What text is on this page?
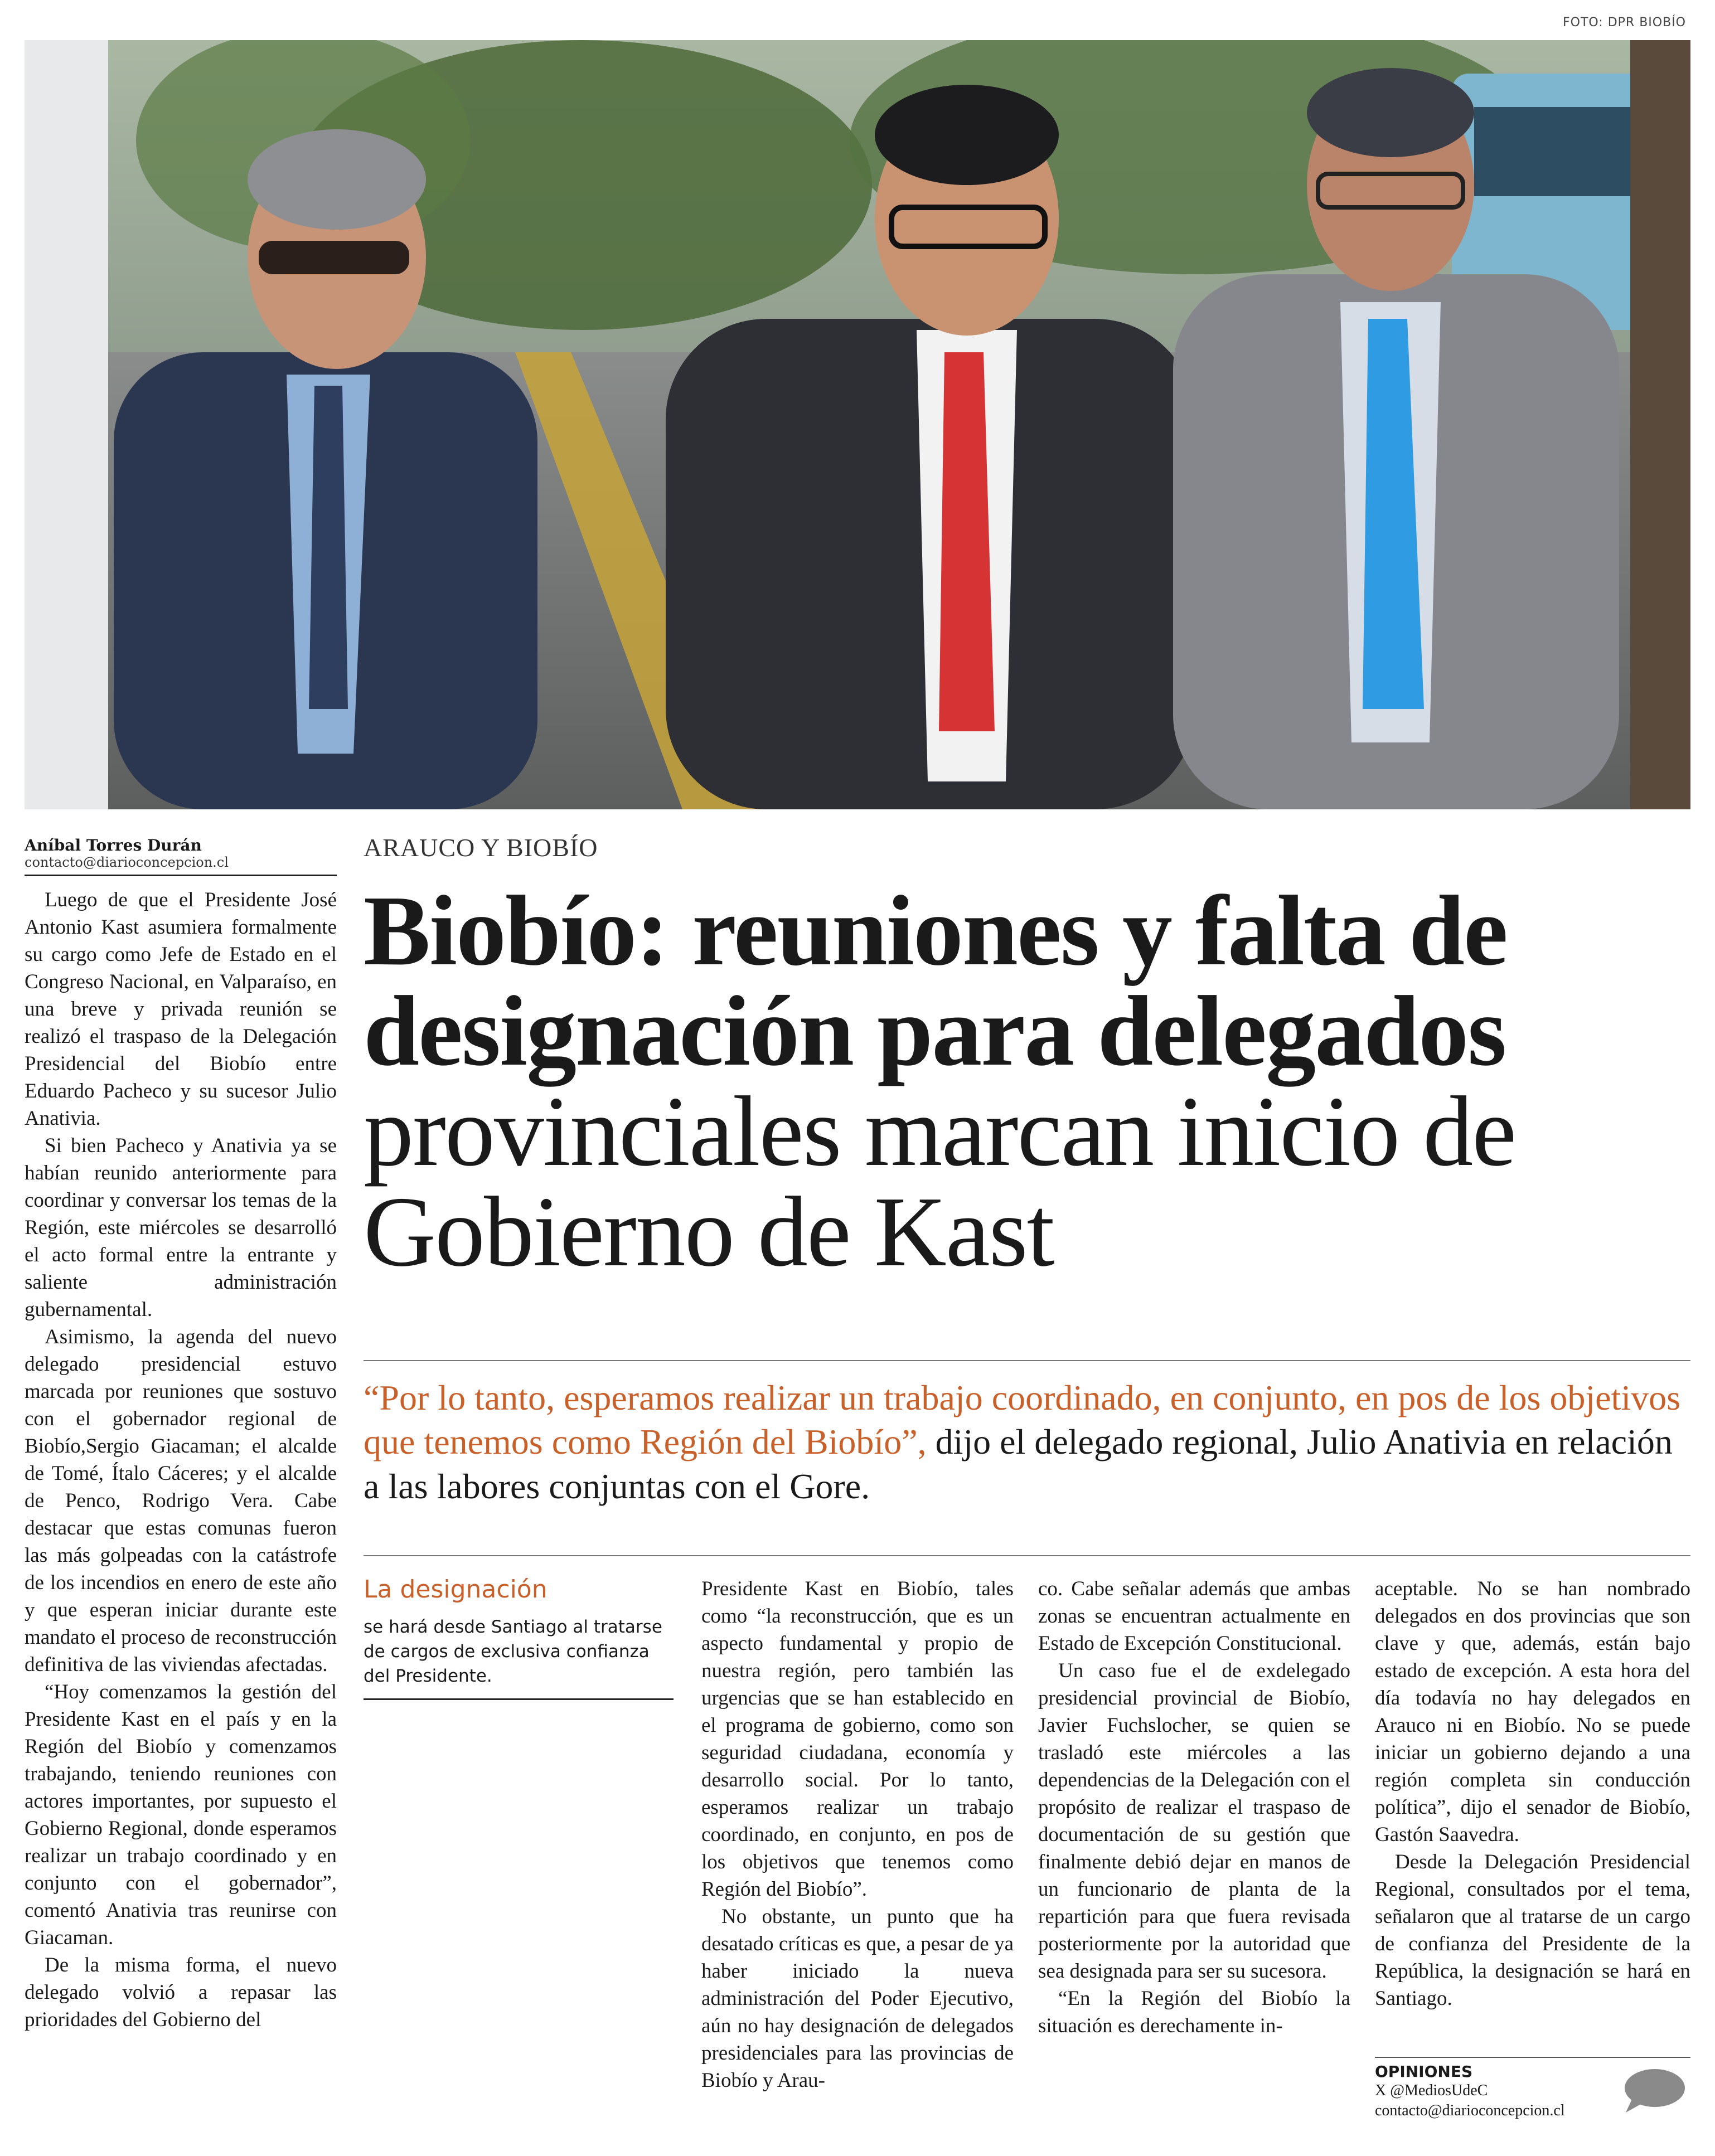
FOTO: DPR BIOBÍO
Aníbal Torres Durán
contacto@diarioconcepcion.cl
ARAUCO Y BIOBÍO
Biobío: reuniones y falta de
designación para delegados
provinciales marcan inicio de
Gobierno de Kast
“Por lo tanto, esperamos realizar un trabajo coordinado, en conjunto, en pos de los objetivos que tenemos como Región del Biobío”, dijo el delegado regional, Julio Anativia en relación a las labores conjuntas con el Gore.

Luego de que el Presidente José Antonio Kast asumiera formalmente su cargo como Jefe de Estado en el Congreso Nacional, en Valparaíso, en una breve y privada reunión se realizó el traspaso de la Delegación Presidencial del Biobío entre Eduardo Pacheco y su sucesor Julio Anativia.

Si bien Pacheco y Anativia ya se habían reunido anteriormente para coordinar y conversar los temas de la Región, este miércoles se desarrolló el acto formal entre la entrante y saliente administración gubernamental.

Asimismo, la agenda del nuevo delegado presidencial estuvo marcada por reuniones que sostuvo con el gobernador regional de Biobío,Sergio Giacaman; el alcalde de Tomé, Ítalo Cáceres; y el alcalde de Penco, Rodrigo Vera. Cabe destacar que estas comunas fueron las más golpeadas con la catástrofe de los incendios en enero de este año y que esperan iniciar durante este mandato el proceso de reconstrucción definitiva de las viviendas afectadas.

“Hoy comenzamos la gestión del Presidente Kast en el país y en la Región del Biobío y comenzamos trabajando, teniendo reuniones con actores importantes, por supuesto el Gobierno Regional, donde esperamos realizar un trabajo coordinado y en conjunto con el gobernador”, comentó Anativia tras reunirse con Giacaman.

De la misma forma, el nuevo delegado volvió a repasar las prioridades del Gobierno del

La designación
se hará desde Santiago al tratarse de cargos de exclusiva confianza del Presidente.

Presidente Kast en Biobío, tales como “la reconstrucción, que es un aspecto fundamental y propio de nuestra región, pero también las urgencias que se han establecido en el programa de gobierno, como son seguridad ciudadana, economía y desarrollo social. Por lo tanto, esperamos realizar un trabajo coordinado, en conjunto, en pos de los objetivos que tenemos como Región del Biobío”.

No obstante, un punto que ha desatado críticas es que, a pesar de ya haber iniciado la nueva administración del Poder Ejecutivo, aún no hay designación de delegados presidenciales para las provincias de Biobío y Arau-

co. Cabe señalar además que ambas zonas se encuentran actualmente en Estado de Excepción Constitucional.

Un caso fue el de exdelegado presidencial provincial de Biobío, Javier Fuchslocher, se quien se trasladó este miércoles a las dependencias de la Delegación con el propósito de realizar el traspaso de documentación de su gestión que finalmente debió dejar en manos de un funcionario de planta de la repartición para que fuera revisada posteriormente por la autoridad que sea designada para ser su sucesora.

“En la Región del Biobío la situación es derechamente in-

aceptable. No se han nombrado delegados en dos provincias que son clave y que, además, están bajo estado de excepción. A esta hora del día todavía no hay delegados en Arauco ni en Biobío. No se puede iniciar un gobierno dejando a una región completa sin conducción política”, dijo el senador de Biobío, Gastón Saavedra.

Desde la Delegación Presidencial Regional, consultados por el tema, señalaron que al tratarse de un cargo de confianza del Presidente de la República, la designación se hará en Santiago.

OPINIONES
X @MediosUdeC
contacto@diarioconcepcion.cl
